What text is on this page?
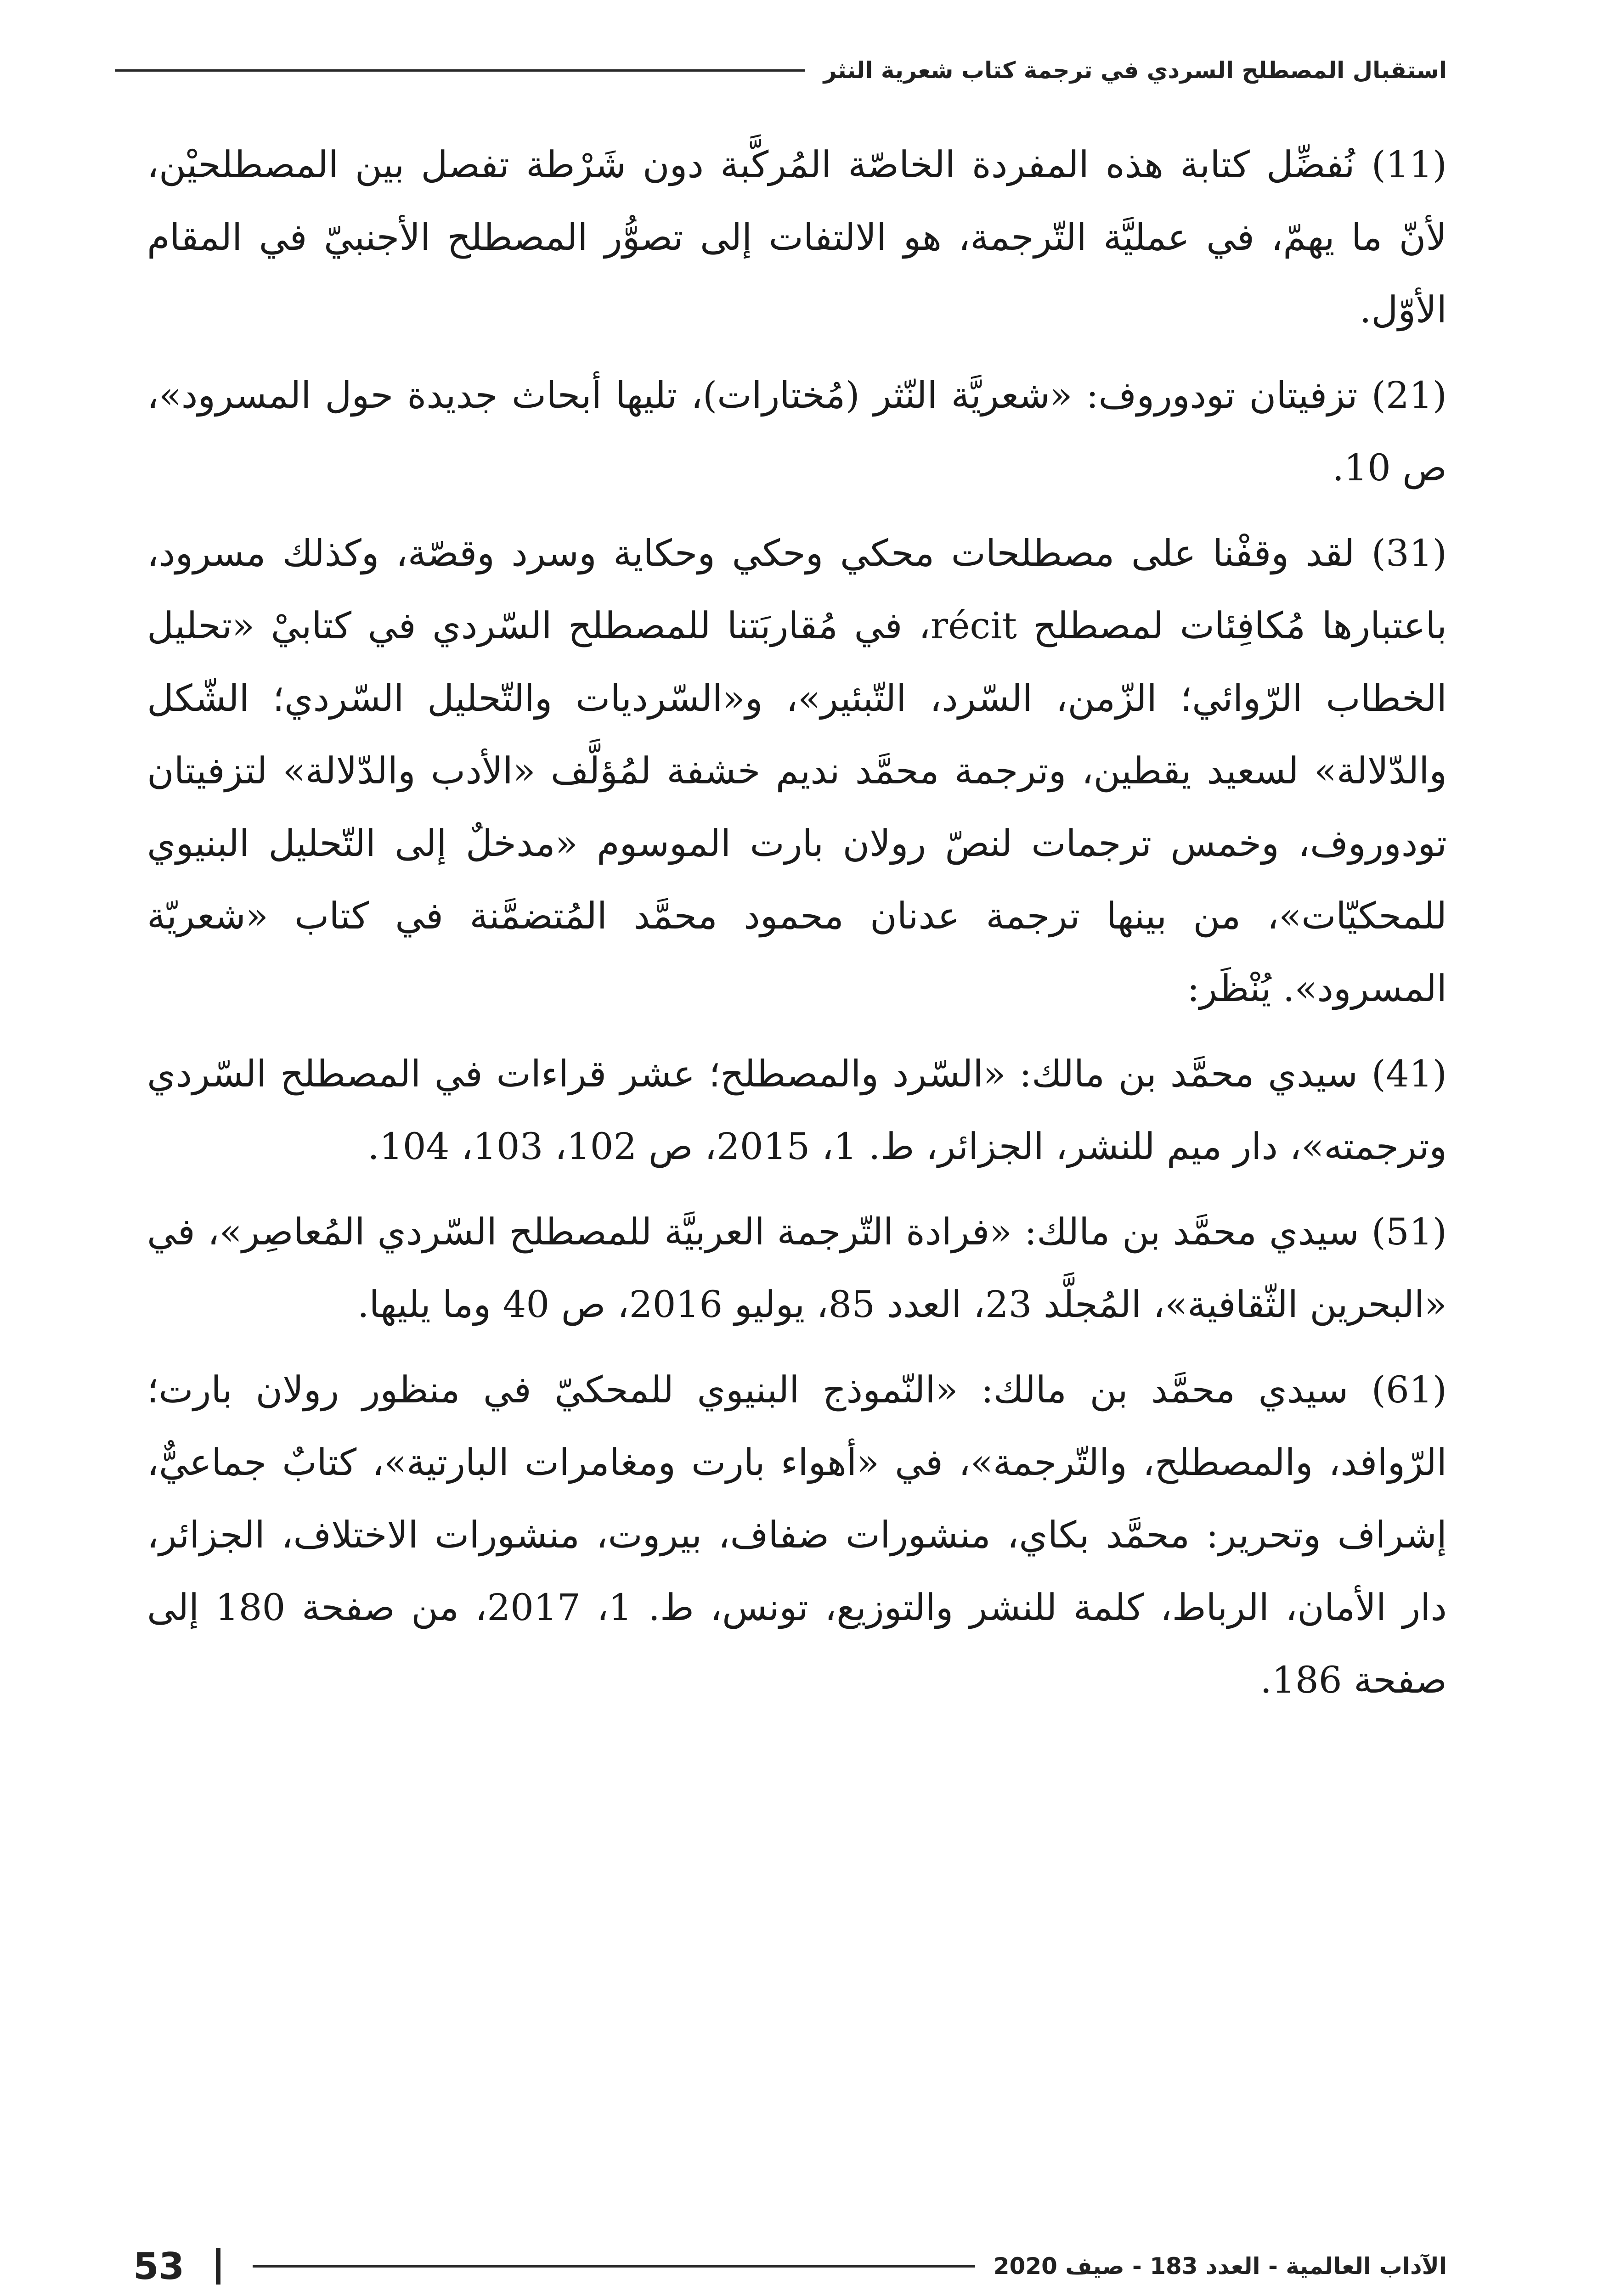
استقبال المصطلح السردي في ترجمة كتاب شعرية النثر

(11) نُفضِّل كتابة هذه المفردة الخاصّة المُركَّبة دون شَرْطة تفصل بين المصطلحيْن، لأنّ ما يهمّ، في عمليَّة التّرجمة، هو الالتفات إلى تصوُّر المصطلح الأجنبيّ في المقام الأوّل.

(21) تزفيتان تودوروف: «شعريَّة النّثر (مُختارات)، تليها أبحاث جديدة حول المسرود»، ص 10.

(31) لقد وقفْنا على مصطلحات محكي وحكي وحكاية وسرد وقصّة، وكذلك مسرود، باعتبارها مُكافِئات لمصطلح récit، في مُقاربَتنا للمصطلح السّردي في كتابيْ «تحليل الخطاب الرّوائي؛ الزّمن، السّرد، التّبئير»، و«السّرديات والتّحليل السّردي؛ الشّكل والدّلالة» لسعيد يقطين، وترجمة محمَّد نديم خشفة لمُؤلَّف «الأدب والدّلالة» لتزفيتان تودوروف، وخمس ترجمات لنصّ رولان بارت الموسوم «مدخلٌ إلى التّحليل البنيوي للمحكيّات»، من بينها ترجمة عدنان محمود محمَّد المُتضمَّنة في كتاب «شعريّة المسرود». يُنْظَر:

(41) سيدي محمَّد بن مالك: «السّرد والمصطلح؛ عشر قراءات في المصطلح السّردي وترجمته»، دار ميم للنشر، الجزائر، ط. 1، 2015، ص 102، 103، 104.

(51) سيدي محمَّد بن مالك: «فرادة التّرجمة العربيَّة للمصطلح السّردي المُعاصِر»، في «البحرين الثّقافية»، المُجلَّد 23، العدد 85، يوليو 2016، ص 40 وما يليها.

(61) سيدي محمَّد بن مالك: «النّموذج البنيوي للمحكيّ في منظور رولان بارت؛ الرّوافد، والمصطلح، والتّرجمة»، في «أهواء بارت ومغامرات البارتية»، كتابٌ جماعيٌّ، إشراف وتحرير: محمَّد بكاي، منشورات ضفاف، بيروت، منشورات الاختلاف، الجزائر، دار الأمان، الرباط، كلمة للنشر والتوزيع، تونس، ط. 1، 2017، من صفحة 180 إلى صفحة 186.

53	الآداب العالمية - العدد 183 - صيف 2020
